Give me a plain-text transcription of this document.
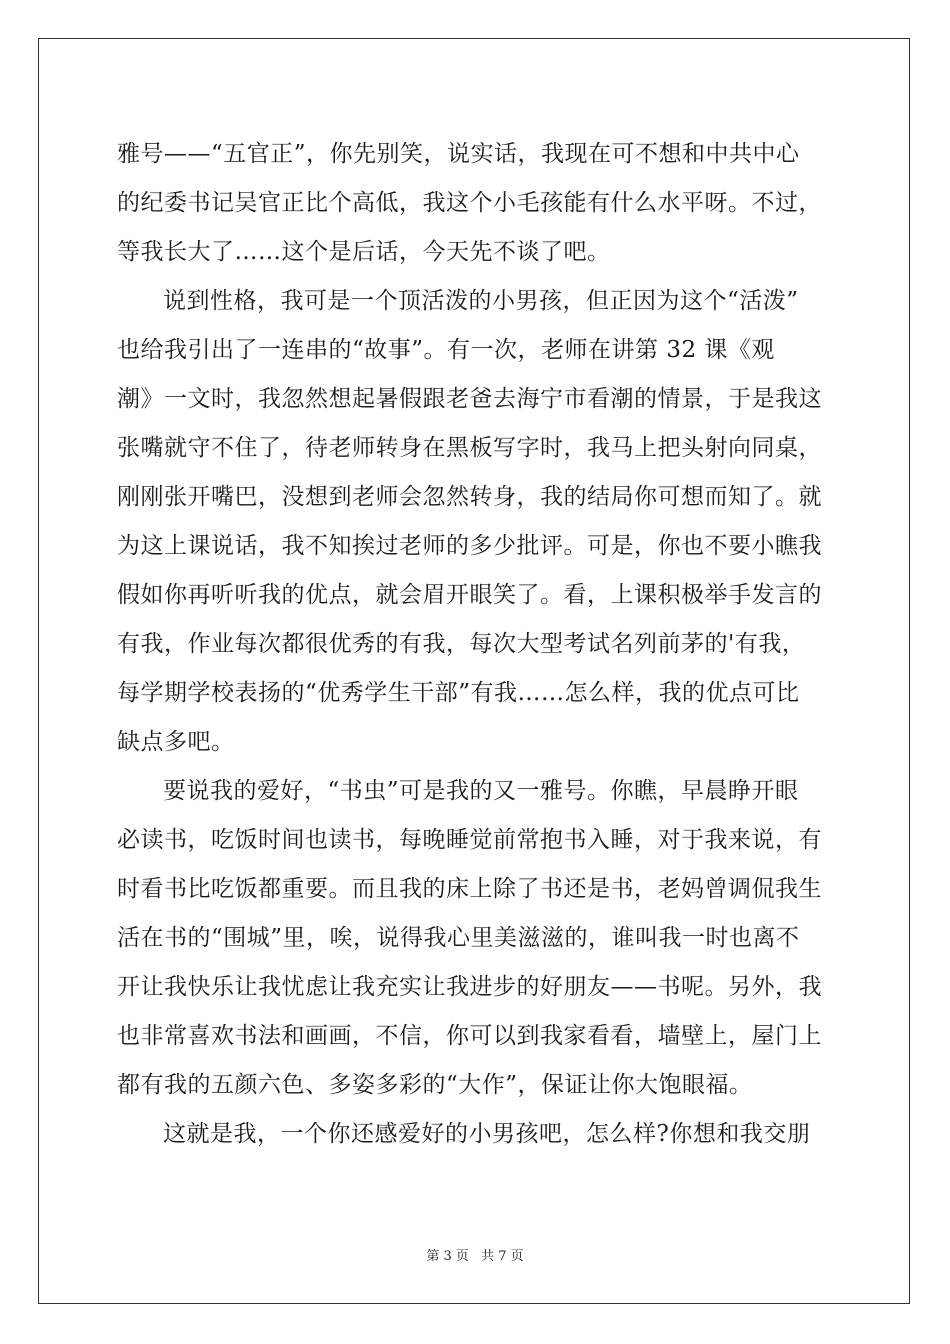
雅号——“五官正”，你先别笑，说实话，我现在可不想和中共中心
的纪委书记吴官正比个高低，我这个小毛孩能有什么水平呀。不过，
等我长大了……这个是后话，今天先不谈了吧。

说到性格，我可是一个顶活泼的小男孩，但正因为这个“活泼”
也给我引出了一连串的“故事”。有一次，老师在讲第 32 课《观
潮》一文时，我忽然想起暑假跟老爸去海宁市看潮的情景，于是我这
张嘴就守不住了，待老师转身在黑板写字时，我马上把头射向同桌，
刚刚张开嘴巴，没想到老师会忽然转身，我的结局你可想而知了。就
为这上课说话，我不知挨过老师的多少批评。可是，你也不要小瞧我
假如你再听听我的优点，就会眉开眼笑了。看，上课积极举手发言的
有我，作业每次都很优秀的有我，每次大型考试名列前茅的'有我，
每学期学校表扬的“优秀学生干部”有我……怎么样，我的优点可比
缺点多吧。

要说我的爱好，“书虫”可是我的又一雅号。你瞧，早晨睁开眼
必读书，吃饭时间也读书，每晚睡觉前常抱书入睡，对于我来说，有
时看书比吃饭都重要。而且我的床上除了书还是书，老妈曾调侃我生
活在书的“围城”里，唉，说得我心里美滋滋的，谁叫我一时也离不
开让我快乐让我忧虑让我充实让我进步的好朋友——书呢。另外，我
也非常喜欢书法和画画，不信，你可以到我家看看，墙壁上，屋门上
都有我的五颜六色、多姿多彩的“大作”，保证让你大饱眼福。

这就是我，一个你还感爱好的小男孩吧，怎么样?你想和我交朋

第 3 页 共 7 页
